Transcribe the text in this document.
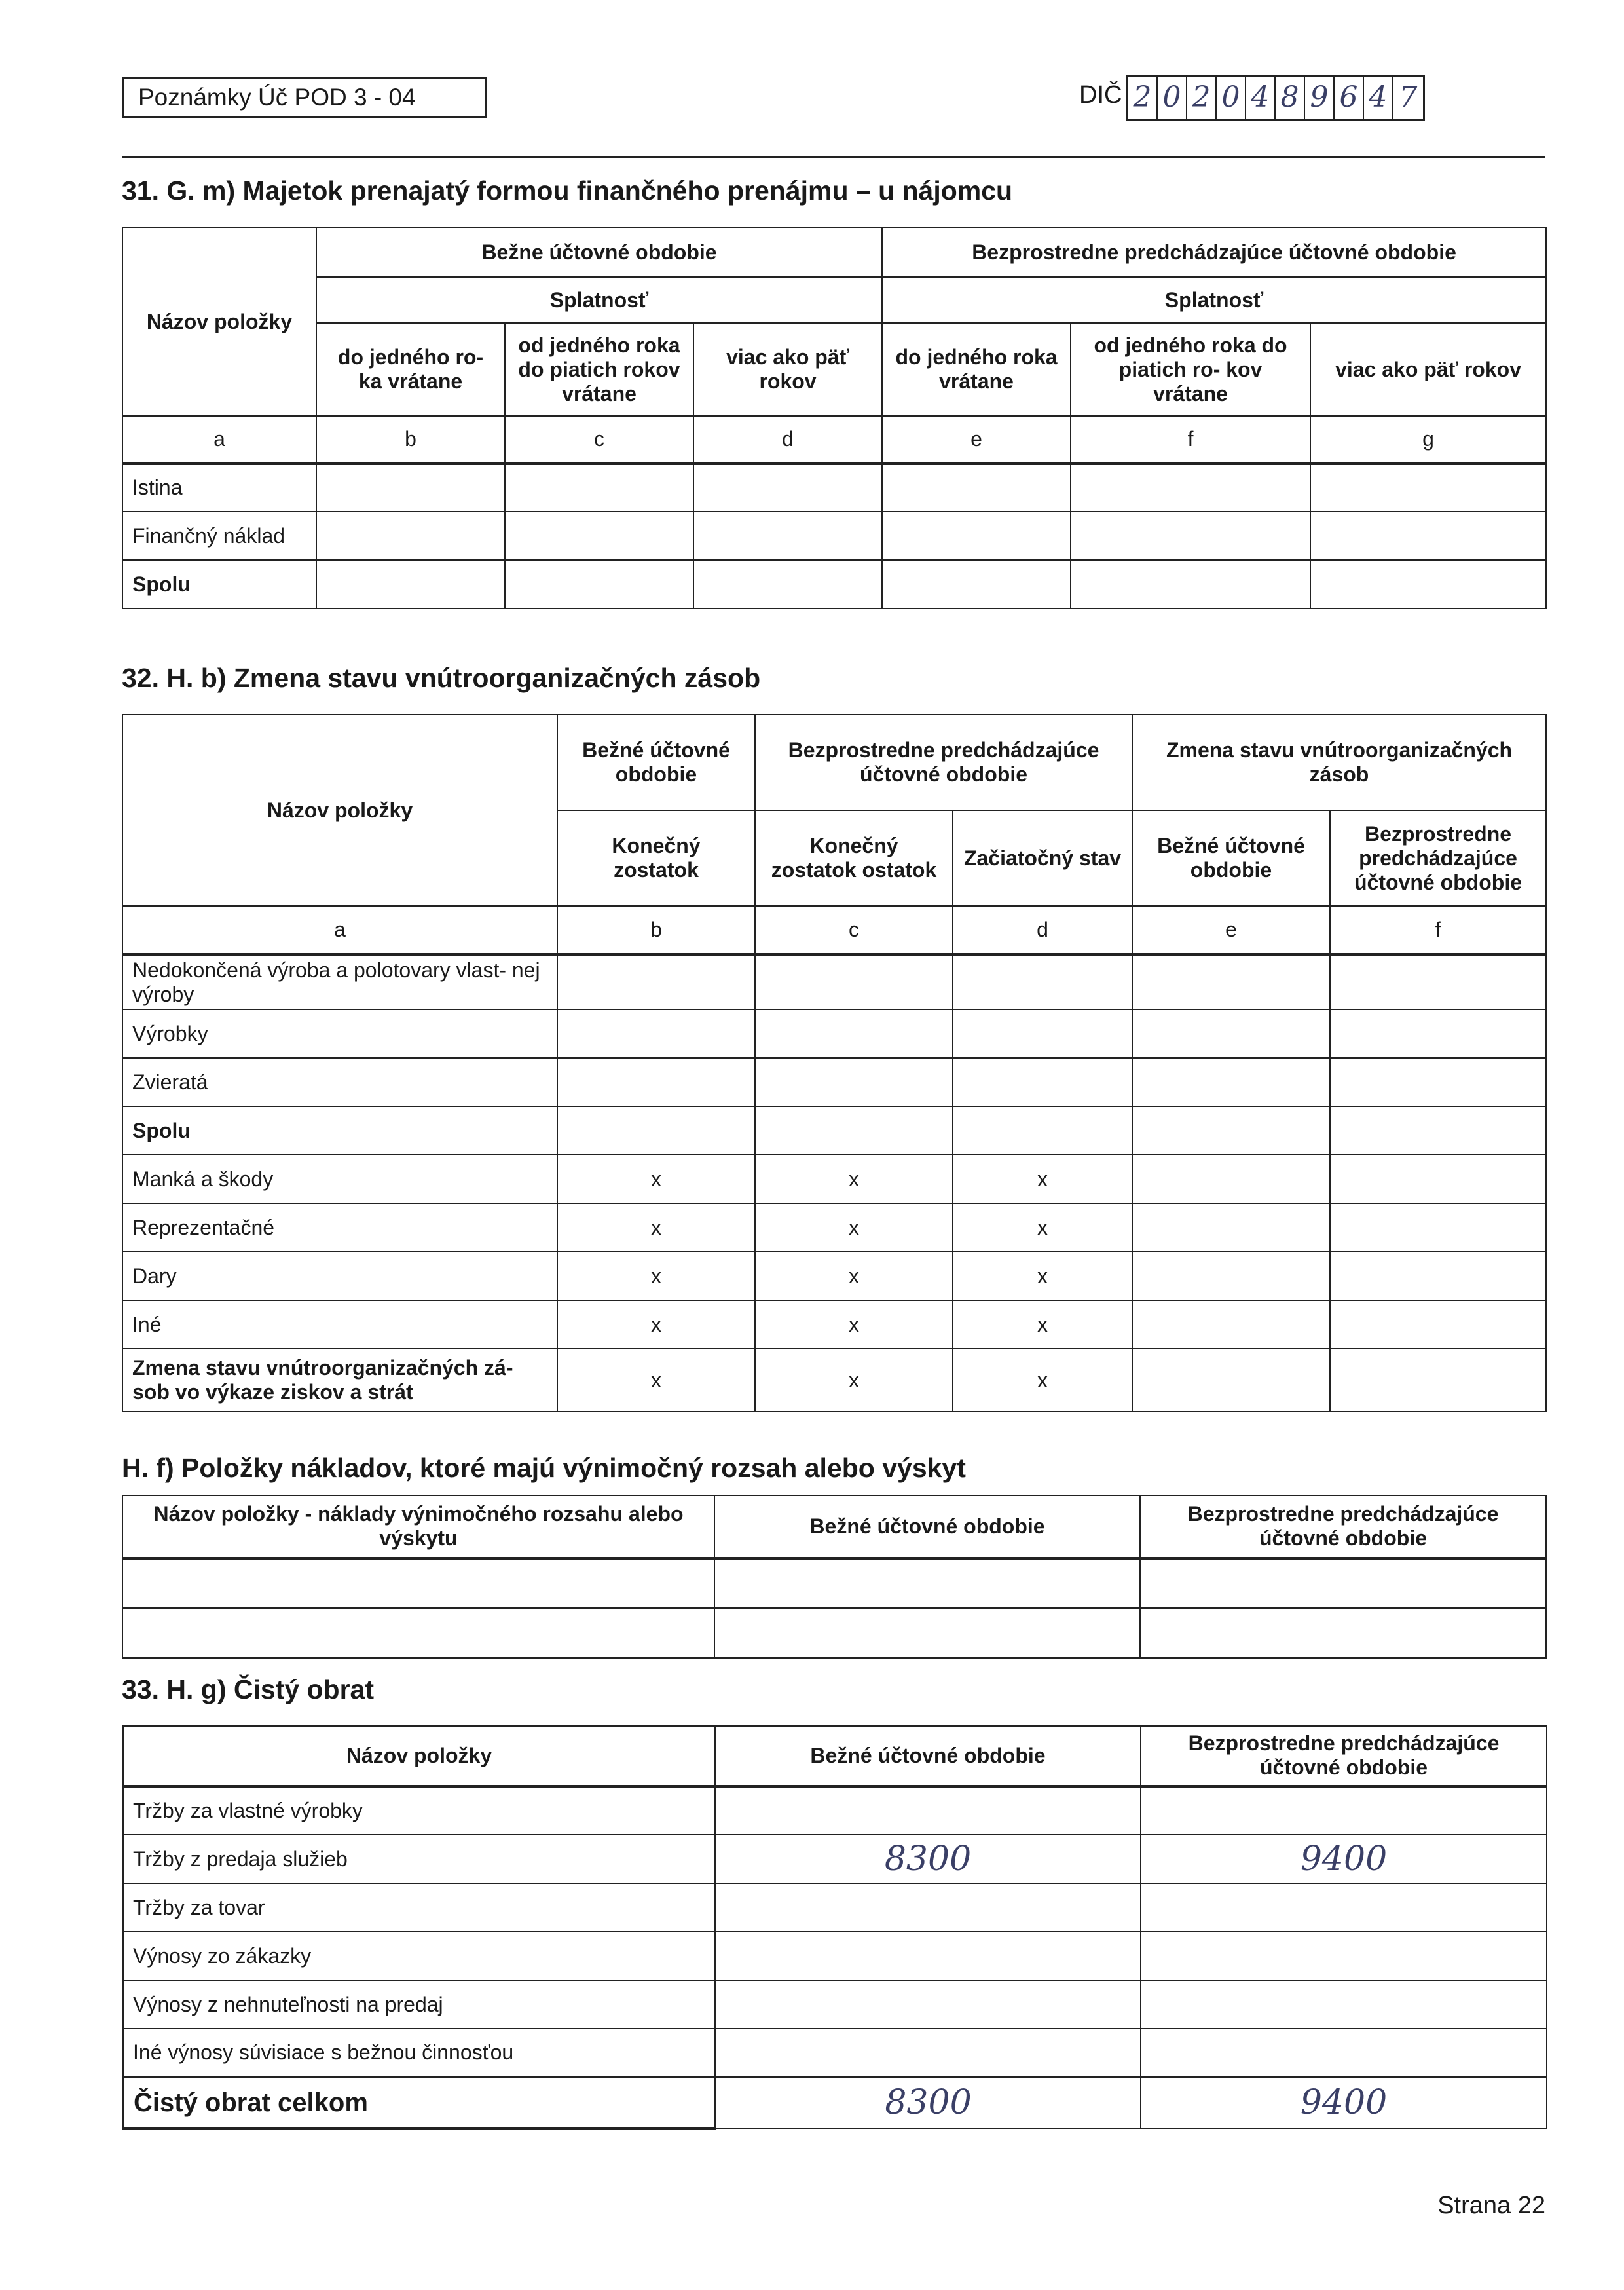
Poznámky Úč POD 3 - 04	DIČ 2 0 2 0 4 8 9 6 4 7
31. G. m) Majetok prenajatý formou finančného prenájmu – u nájomcu
Názov položky	Bežne účtovné obdobie			Bezprostredne predchádzajúce účtovné obdobie		
	Splatnosť			Splatnosť		
	do jedného ro- ka vrátane	od jedného roka do piatich rokov vrátane	viac ako päť rokov	do jedného roka vrátane	od jedného roka do piatich ro- kov vrátane	viac ako päť rokov
a	b	c	d	e	f	g
Istina						
Finančný náklad						
Spolu						
32. H. b) Zmena stavu vnútroorganizačných zásob
Názov položky	Bežné účtovné obdobie	Bezprostredne predchádzajúce účtovné obdobie		Zmena stavu vnútroorganizačných zásob	
	Konečný zostatok	Konečný zostatok ostatok	Začiatočný stav	Bežné účtovné obdobie	Bezprostredne predchádzajúce účtovné obdobie
a	b	c	d	e	f
Nedokončená výroba a polotovary vlast- nej výroby					
Výrobky					
Zvieratá					
Spolu					
Manká a škody	x	x	x		
Reprezentačné	x	x	x		
Dary	x	x	x		
Iné	x	x	x		
Zmena stavu vnútroorganizačných zá- sob vo výkaze ziskov a strát	x	x	x		
H. f) Položky nákladov, ktoré majú výnimočný rozsah alebo výskyt
Názov položky - náklady výnimočného rozsahu alebo výskytu	Bežné účtovné obdobie	Bezprostredne predchádzajúce účtovné obdobie

33. H. g) Čistý obrat
Názov položky	Bežné účtovné obdobie	Bezprostredne predchádzajúce účtovné obdobie
Tržby za vlastné výrobky		
Tržby z predaja služieb	8300	9400
Tržby za tovar		
Výnosy zo zákazky		
Výnosy z nehnuteľnosti na predaj		
Iné výnosy súvisiace s bežnou činnosťou		
Čistý obrat celkom	8300	9400
Strana 22
